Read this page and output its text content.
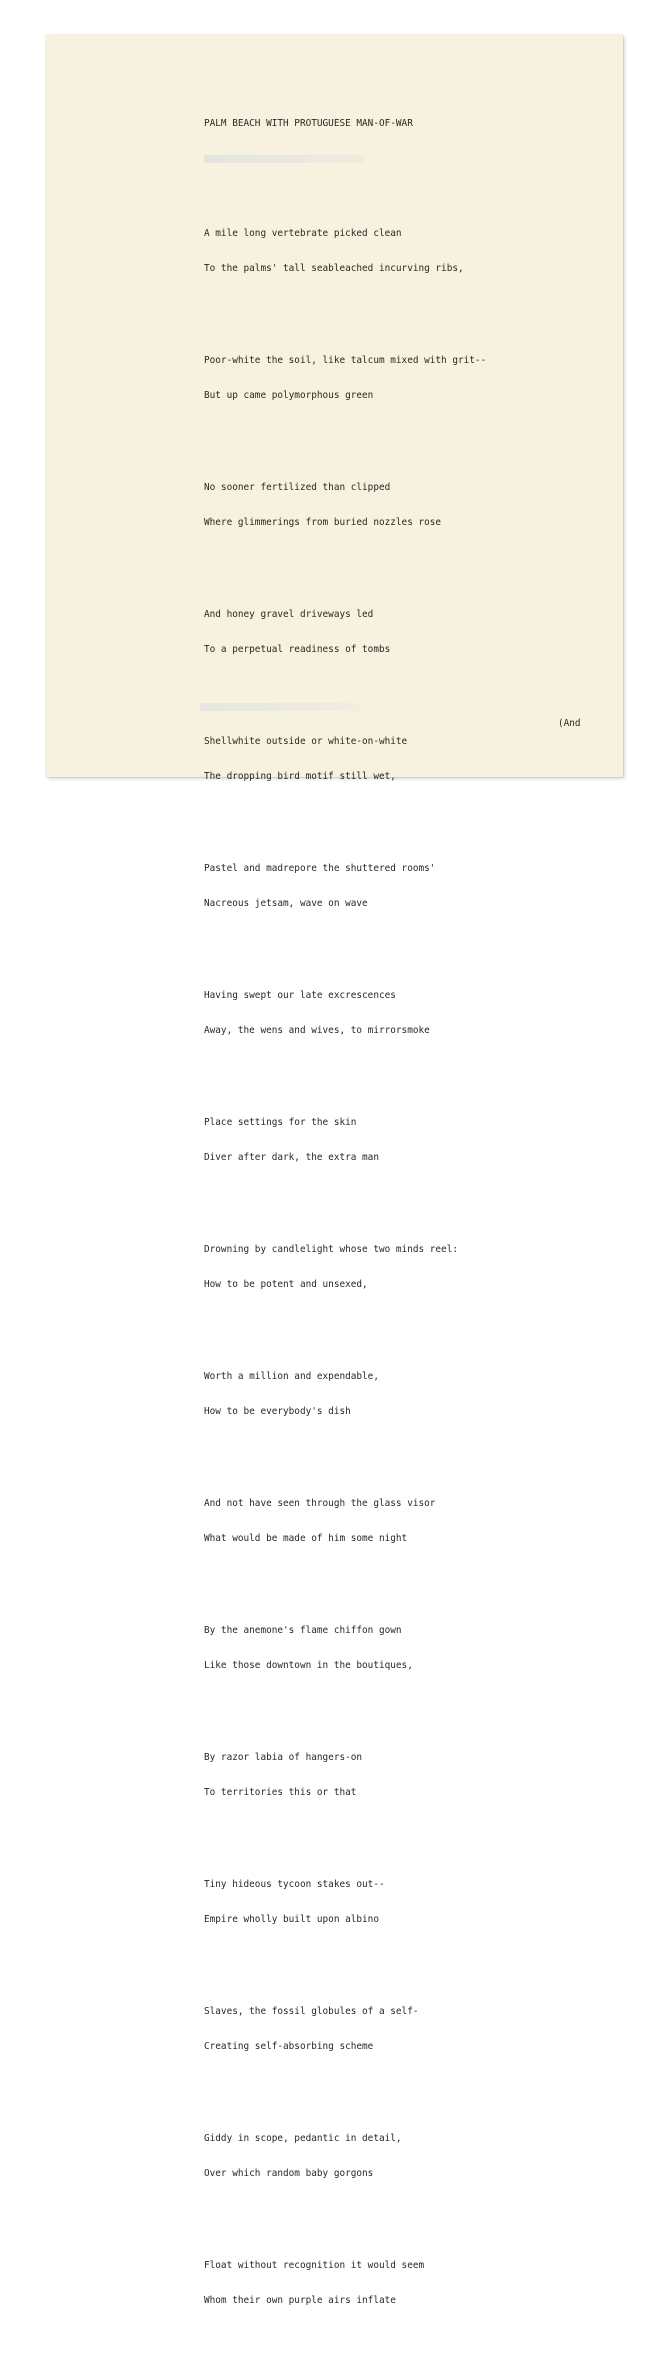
PALM BEACH WITH PROTUGUESE MAN-OF-WAR

A mile long vertebrate picked clean

To the palms' tall seableached incurving ribs,

Poor-white the soil, like talcum mixed with grit--

But up came polymorphous green

No sooner fertilized than clipped

Where glimmerings from buried nozzles rose

And honey gravel driveways led

To a perpetual readiness of tombs

Shellwhite outside or white-on-white

The dropping bird motif still wet,

Pastel and madrepore the shuttered rooms'

Nacreous jetsam, wave on wave

Having swept our late excrescences

Away, the wens and wives, to mirrorsmoke

Place settings for the skin

Diver after dark, the extra man

Drowning by candlelight whose two minds reel:

How to be potent and unsexed,

Worth a million and expendable,

How to be everybody's dish

And not have seen through the glass visor

What would be made of him some night

By the anemone's flame chiffon gown

Like those downtown in the boutiques,

By razor labia of hangers-on

To territories this or that

Tiny hideous tycoon stakes out--

Empire wholly built upon albino

Slaves, the fossil globules of a self-

Creating self-absorbing scheme

Giddy in scope, pedantic in detail,

Over which random baby gorgons

Float without recognition it would seem

Whom their own purple airs inflate

(And
